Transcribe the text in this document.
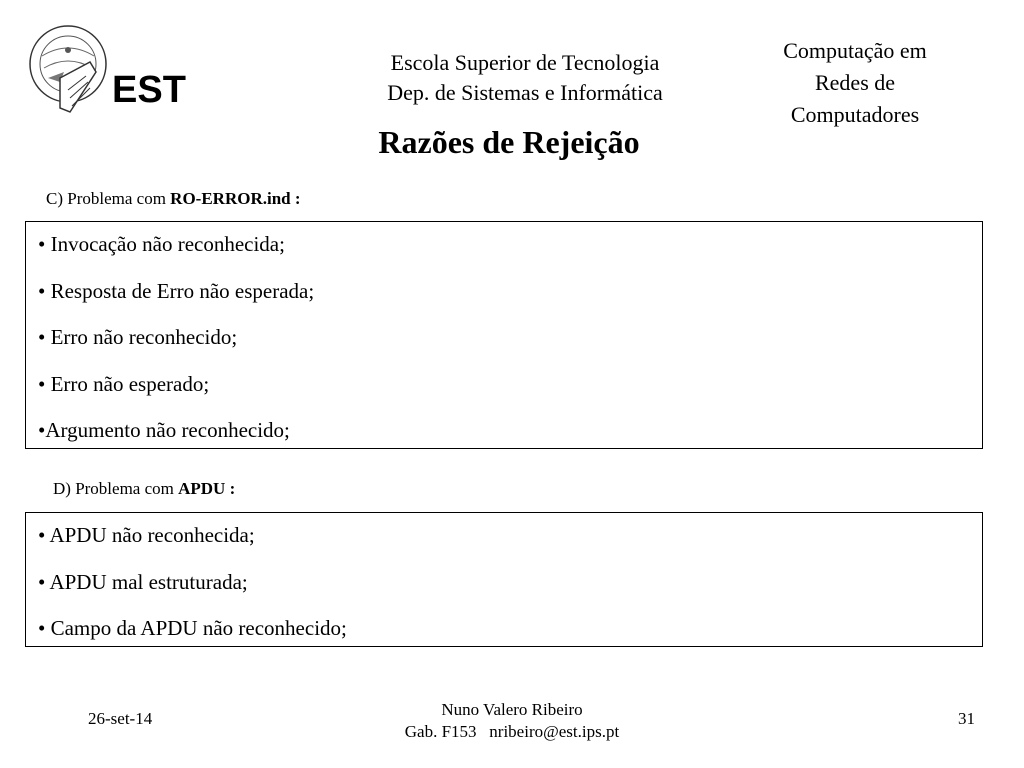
EST
Escola Superior de Tecnologia
Dep. de Sistemas e Informática
Computação em
Redes de
Computadores
Razões de Rejeição
C) Problema com RO-ERROR.ind :
• Invocação não reconhecida;
• Resposta de Erro não esperada;
• Erro não reconhecido;
• Erro não esperado;
•Argumento não reconhecido;
D) Problema com APDU :
• APDU não reconhecida;
• APDU mal estruturada;
• Campo da APDU não reconhecido;
26-set-14	Nuno Valero Ribeiro
Gab. F153   nribeiro@est.ips.pt
31
